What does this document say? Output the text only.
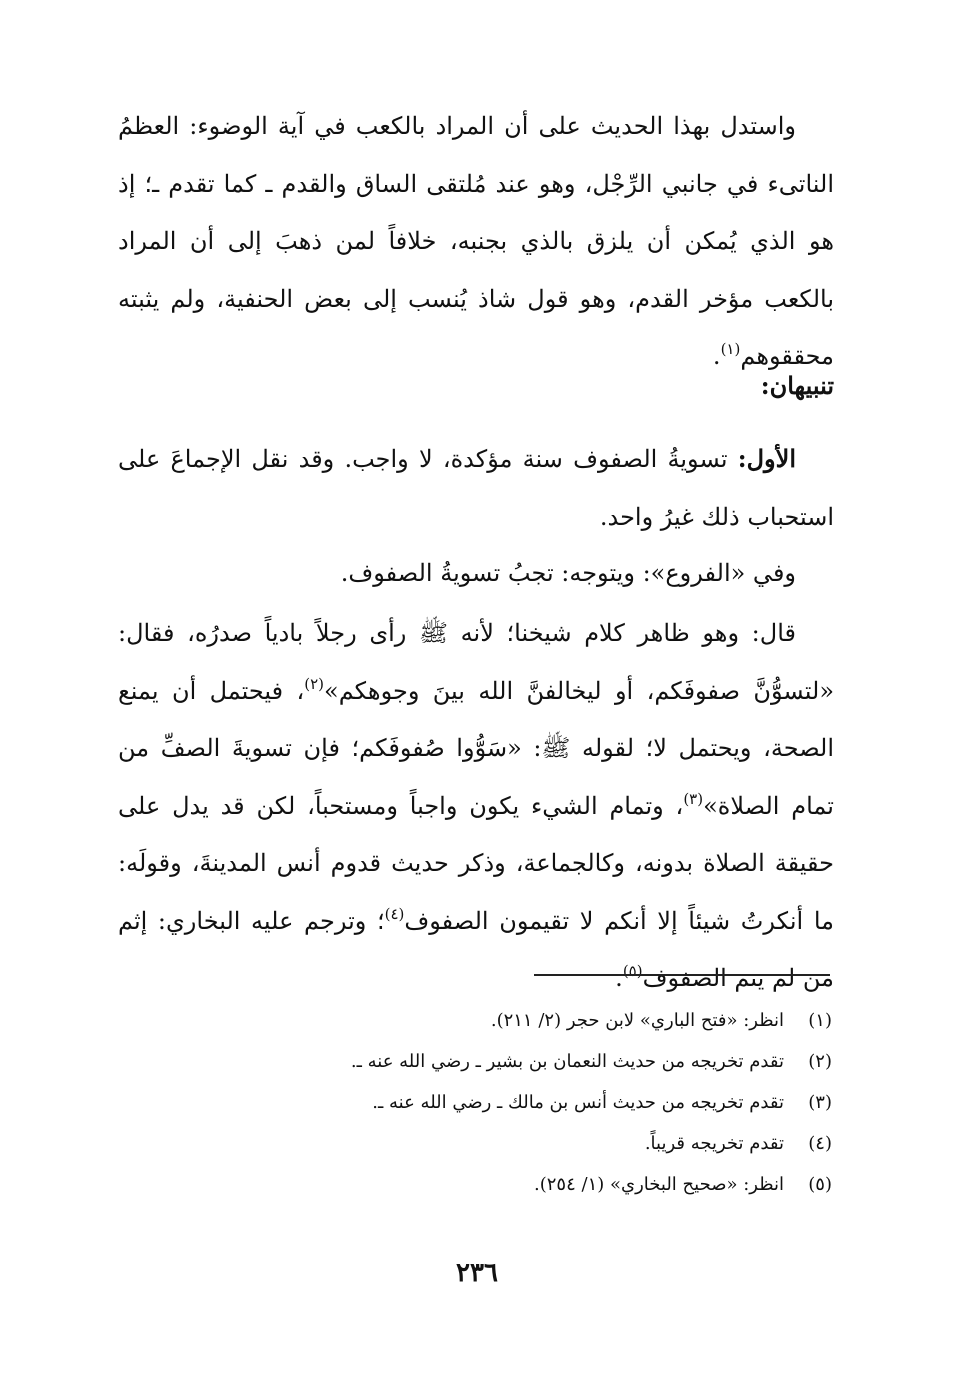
واستدل بهذا الحديث على أن المراد بالكعب في آية الوضوء: العظمُ الناتىء في جانبي الرِّجْل، وهو عند مُلتقى الساق والقدم ـ كما تقدم ـ؛ إذ هو الذي يُمكن أن يلزق بالذي بجنبه، خلافاً لمن ذهبَ إلى أن المراد بالكعب مؤخر القدم، وهو قول شاذ يُنسب إلى بعض الحنفية، ولم يثبته محققوهم$^{(١)}$.

تنبيهان:

الأول: تسويةُ الصفوف سنة مؤكدة، لا واجب. وقد نقل الإجماعَ على استحباب ذلك غيرُ واحد.

وفي «الفروع»: ويتوجه: تجبُ تسويةُ الصفوف.

قال: وهو ظاهر كلام شيخنا؛ لأنه ﷺ رأى رجلاً بادياً صدرُه، فقال: «لتسوُّنَّ صفوفَكم، أو ليخالفنَّ الله بينَ وجوهكم»$^{(٢)}$، فيحتمل أن يمنع الصحة، ويحتمل لا؛ لقوله ﷺ: «سَوُّوا صُفوفَكم؛ فإن تسويةَ الصفِّ من تمام الصلاة»$^{(٣)}$، وتمام الشيء يكون واجباً ومستحباً، لكن قد يدل على حقيقة الصلاة بدونه، وكالجماعة، وذكر حديث قدوم أنس المدينةَ، وقولَه: ما أنكرتُ شيئاً إلا أنكم لا تقيمون الصفوف$^{(٤)}$؛ وترجم عليه البخاري: إثم من لم يتم الصفوف$^{(٥)}$.

(١)انظر: «فتح الباري» لابن حجر (٢/ ٢١١).
(٢)تقدم تخريجه من حديث النعمان بن بشير ـ رضي الله عنه ـ.
(٣)تقدم تخريجه من حديث أنس بن مالك ـ رضي الله عنه ـ.
(٤)تقدم تخريجه قريباً.
(٥)انظر: «صحيح البخاري» (١/ ٢٥٤).
٢٣٦
